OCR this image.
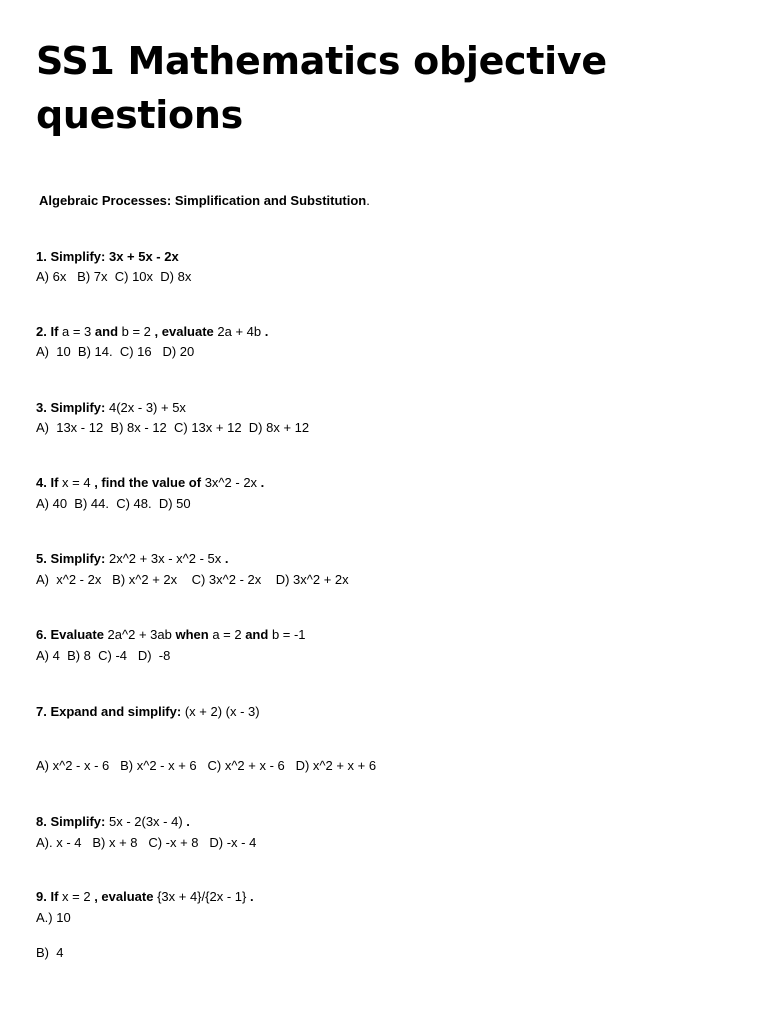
SS1 Mathematics objective questions

Algebraic Processes: Simplification and Substitution.

1. Simplify: 3x + 5x - 2x

A) 6x   B) 7x  C) 10x  D) 8x

2. If a = 3 and b = 2 , evaluate 2a + 4b .

A)  10  B) 14.  C) 16   D) 20

3. Simplify: 4(2x - 3) + 5x

A)  13x - 12  B) 8x - 12  C) 13x + 12  D) 8x + 12

4. If x = 4 , find the value of 3x^2 - 2x .

A) 40  B) 44.  C) 48.  D) 50

5. Simplify: 2x^2 + 3x - x^2 - 5x .

A)  x^2 - 2x   B) x^2 + 2x    C) 3x^2 - 2x    D) 3x^2 + 2x

6. Evaluate 2a^2 + 3ab when a = 2 and b = -1

A) 4  B) 8  C) -4   D)  -8

7. Expand and simplify: (x + 2) (x - 3)

A) x^2 - x - 6   B) x^2 - x + 6   C) x^2 + x - 6   D) x^2 + x + 6

8. Simplify: 5x - 2(3x - 4) .

A). x - 4   B) x + 8   C) -x + 8   D) -x - 4

9. If x = 2 , evaluate {3x + 4}/{2x - 1} .

A.) 10

B)  4
